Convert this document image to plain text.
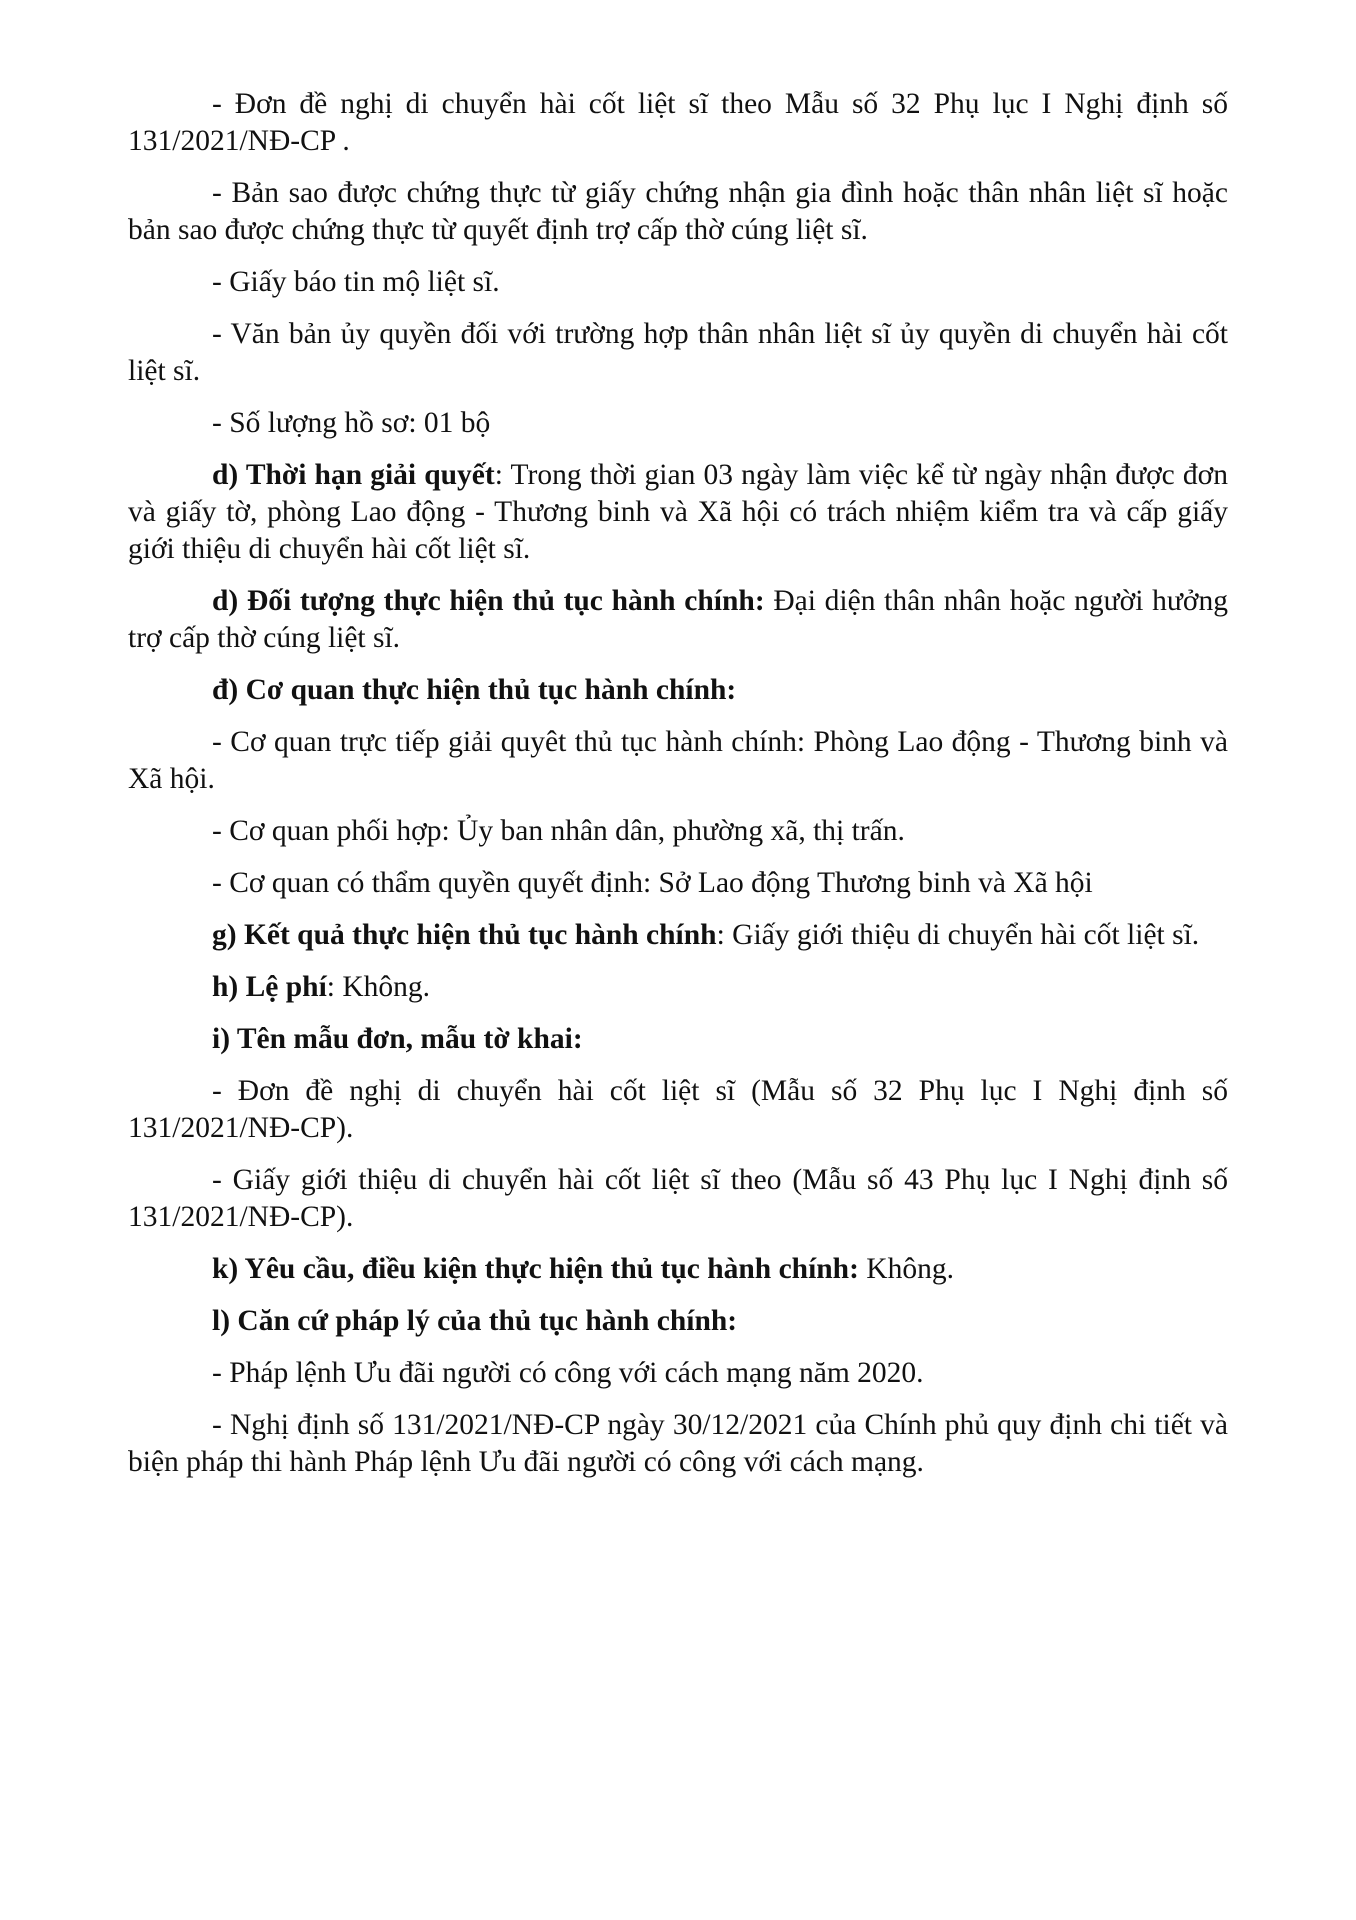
- Đơn đề nghị di chuyển hài cốt liệt sĩ theo Mẫu số 32 Phụ lục I Nghị định số 131/2021/NĐ-CP .

- Bản sao được chứng thực từ giấy chứng nhận gia đình hoặc thân nhân liệt sĩ hoặc bản sao được chứng thực từ quyết định trợ cấp thờ cúng liệt sĩ.

- Giấy báo tin mộ liệt sĩ.

- Văn bản ủy quyền đối với trường hợp thân nhân liệt sĩ ủy quyền di chuyển hài cốt liệt sĩ.

- Số lượng hồ sơ: 01 bộ

d) Thời hạn giải quyết: Trong thời gian 03 ngày làm việc kể từ ngày nhận được đơn và giấy tờ, phòng Lao động - Thương binh và Xã hội có trách nhiệm kiểm tra và cấp giấy giới thiệu di chuyển hài cốt liệt sĩ.

d) Đối tượng thực hiện thủ tục hành chính: Đại diện thân nhân hoặc người hưởng trợ cấp thờ cúng liệt sĩ.

đ) Cơ quan thực hiện thủ tục hành chính:

- Cơ quan trực tiếp giải quyêt thủ tục hành chính: Phòng Lao động - Thương binh và Xã hội.

- Cơ quan phối hợp: Ủy ban nhân dân, phường xã, thị trấn.

- Cơ quan có thẩm quyền quyết định: Sở Lao động Thương binh và Xã hội

g) Kết quả thực hiện thủ tục hành chính: Giấy giới thiệu di chuyển hài cốt liệt sĩ.

h) Lệ phí: Không.

i) Tên mẫu đơn, mẫu tờ khai:

- Đơn đề nghị di chuyển hài cốt liệt sĩ (Mẫu số 32 Phụ lục I Nghị định số 131/2021/NĐ-CP).

- Giấy giới thiệu di chuyển hài cốt liệt sĩ theo (Mẫu số 43 Phụ lục I Nghị định số 131/2021/NĐ-CP).

k) Yêu cầu, điều kiện thực hiện thủ tục hành chính: Không.

l) Căn cứ pháp lý của thủ tục hành chính:

- Pháp lệnh Ưu đãi người có công với cách mạng năm 2020.

- Nghị định số 131/2021/NĐ-CP ngày 30/12/2021 của Chính phủ quy định chi tiết và biện pháp thi hành Pháp lệnh Ưu đãi người có công với cách mạng.
